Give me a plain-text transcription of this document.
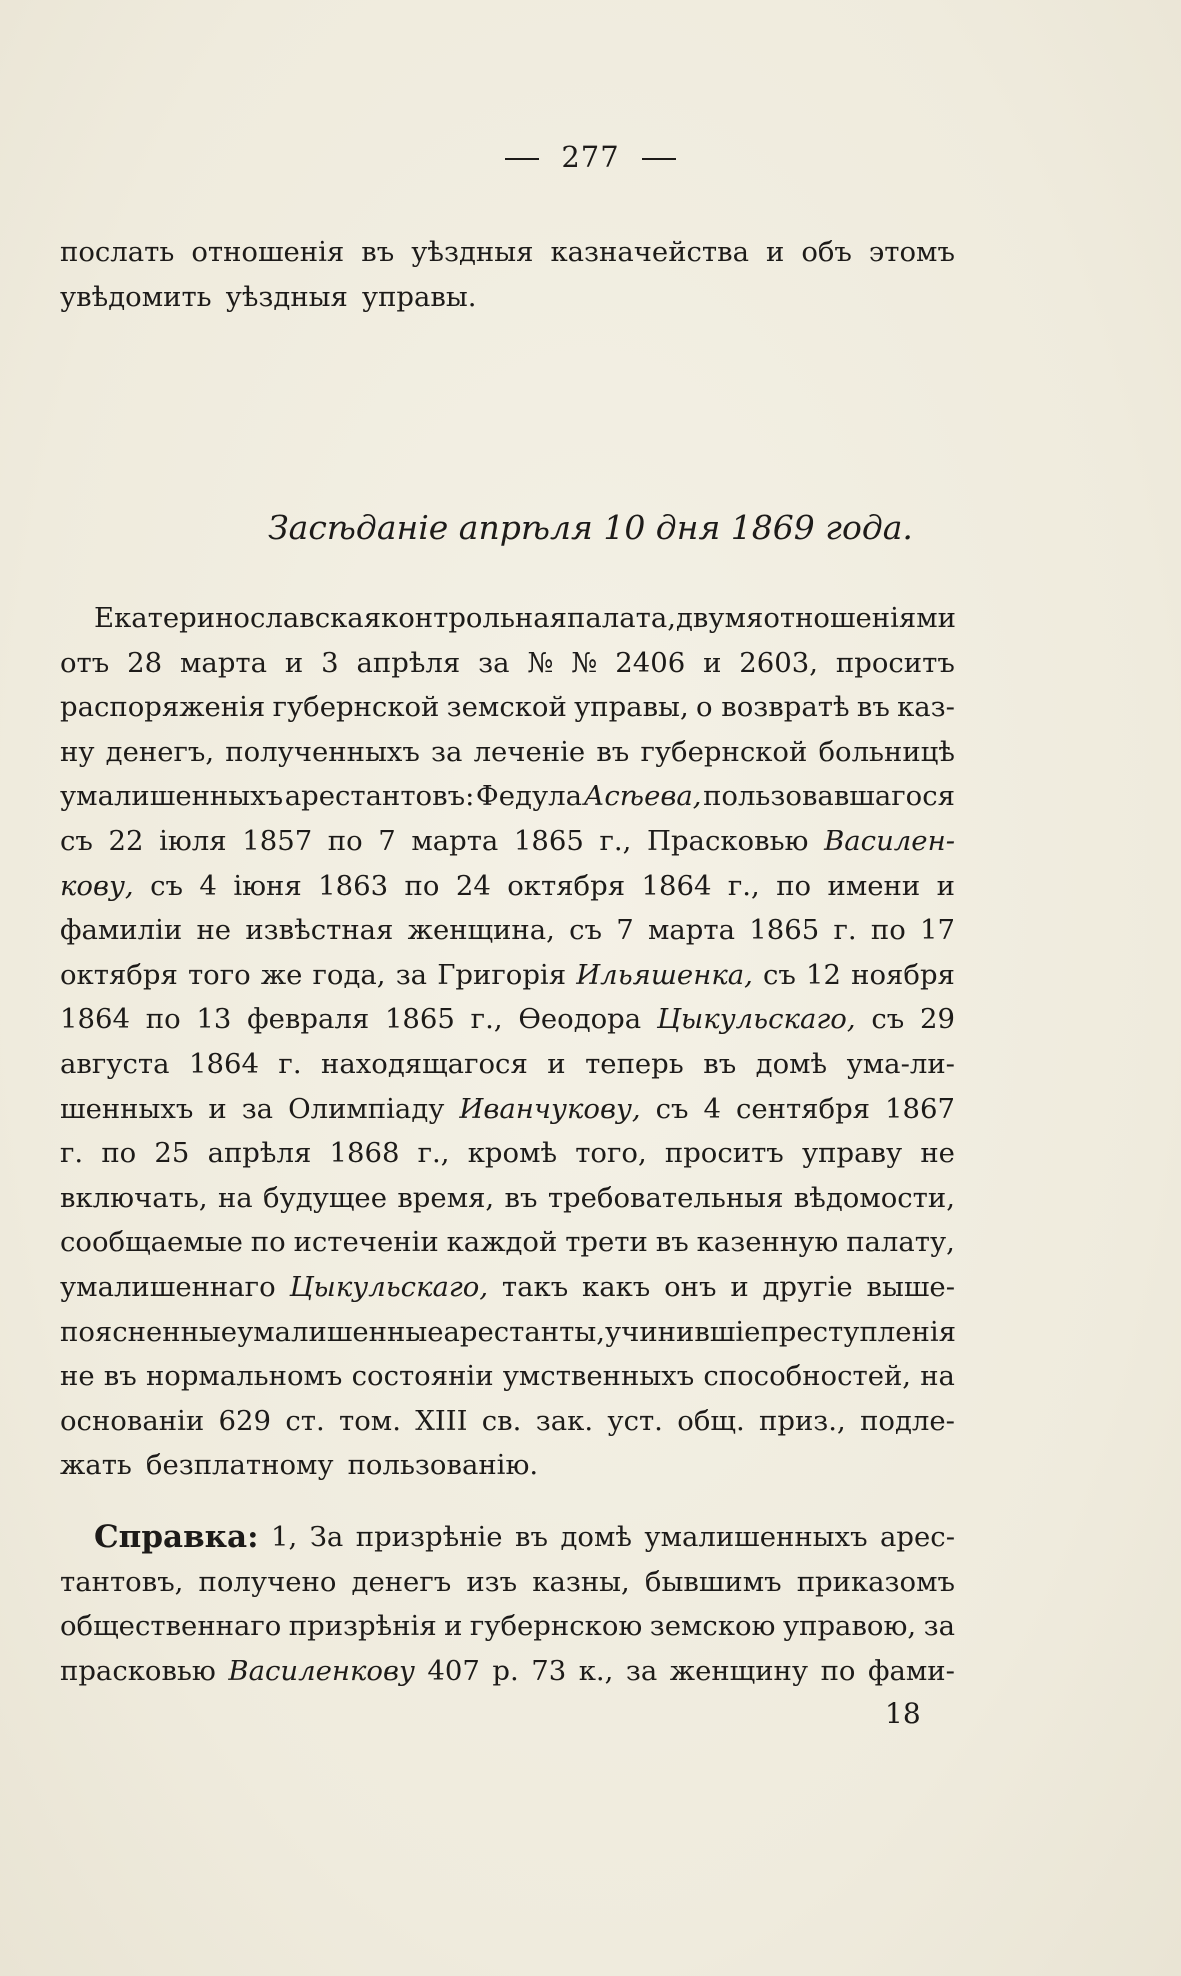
277
послать отношенія въ уѣздныя казначейства и объ этомъ
увѣдомить уѣздныя управы.
Засѣданіе апрѣля 10 дня 1869 года.
Екатеринославская контрольная палата, двумя отношеніями
отъ 28 марта и 3 апрѣля за № № 2406 и 2603, проситъ
распоряженія губернской земской управы, о возвратѣ въ каз-
ну денегъ, полученныхъ за леченіе въ губернской больницѣ
умалишенныхъ арестантовъ: Федула Асѣева, пользовавшагося
съ 22 іюля 1857 по 7 марта 1865 г., Прасковью Василен-
кову, съ 4 іюня 1863 по 24 октября 1864 г., по имени и
фамиліи не извѣстная женщина, съ 7 марта 1865 г. по 17
октября того же года, за Григорія Ильяшенка, съ 12 ноября
1864 по 13 февраля 1865 г., Ѳеодора Цыкульскаго, съ 29
августа 1864 г. находящагося и теперь въ домѣ ума-ли-
шенныхъ и за Олимпіаду Иванчукову, съ 4 сентября 1867
г. по 25 апрѣля 1868 г., кромѣ того, проситъ управу не
включать, на будущее время, въ требовательныя вѣдомости,
сообщаемые по истеченіи каждой трети въ казенную палату,
умалишеннаго Цыкульскаго, такъ какъ онъ и другіе выше-
поясненные умалишенные арестанты, учинившіе преступленія
не въ нормальномъ состояніи умственныхъ способностей, на
основаніи 629 ст. том. XIII св. зак. уст. общ. приз., подле-
жать безплатному пользованію.
Справка: 1, За призрѣніе въ домѣ умалишенныхъ арес-
тантовъ, получено денегъ изъ казны, бывшимъ приказомъ
общественнаго призрѣнія и губернскою земскою управою, за
прасковью Василенкову 407 р. 73 к., за женщину по фами-
18
